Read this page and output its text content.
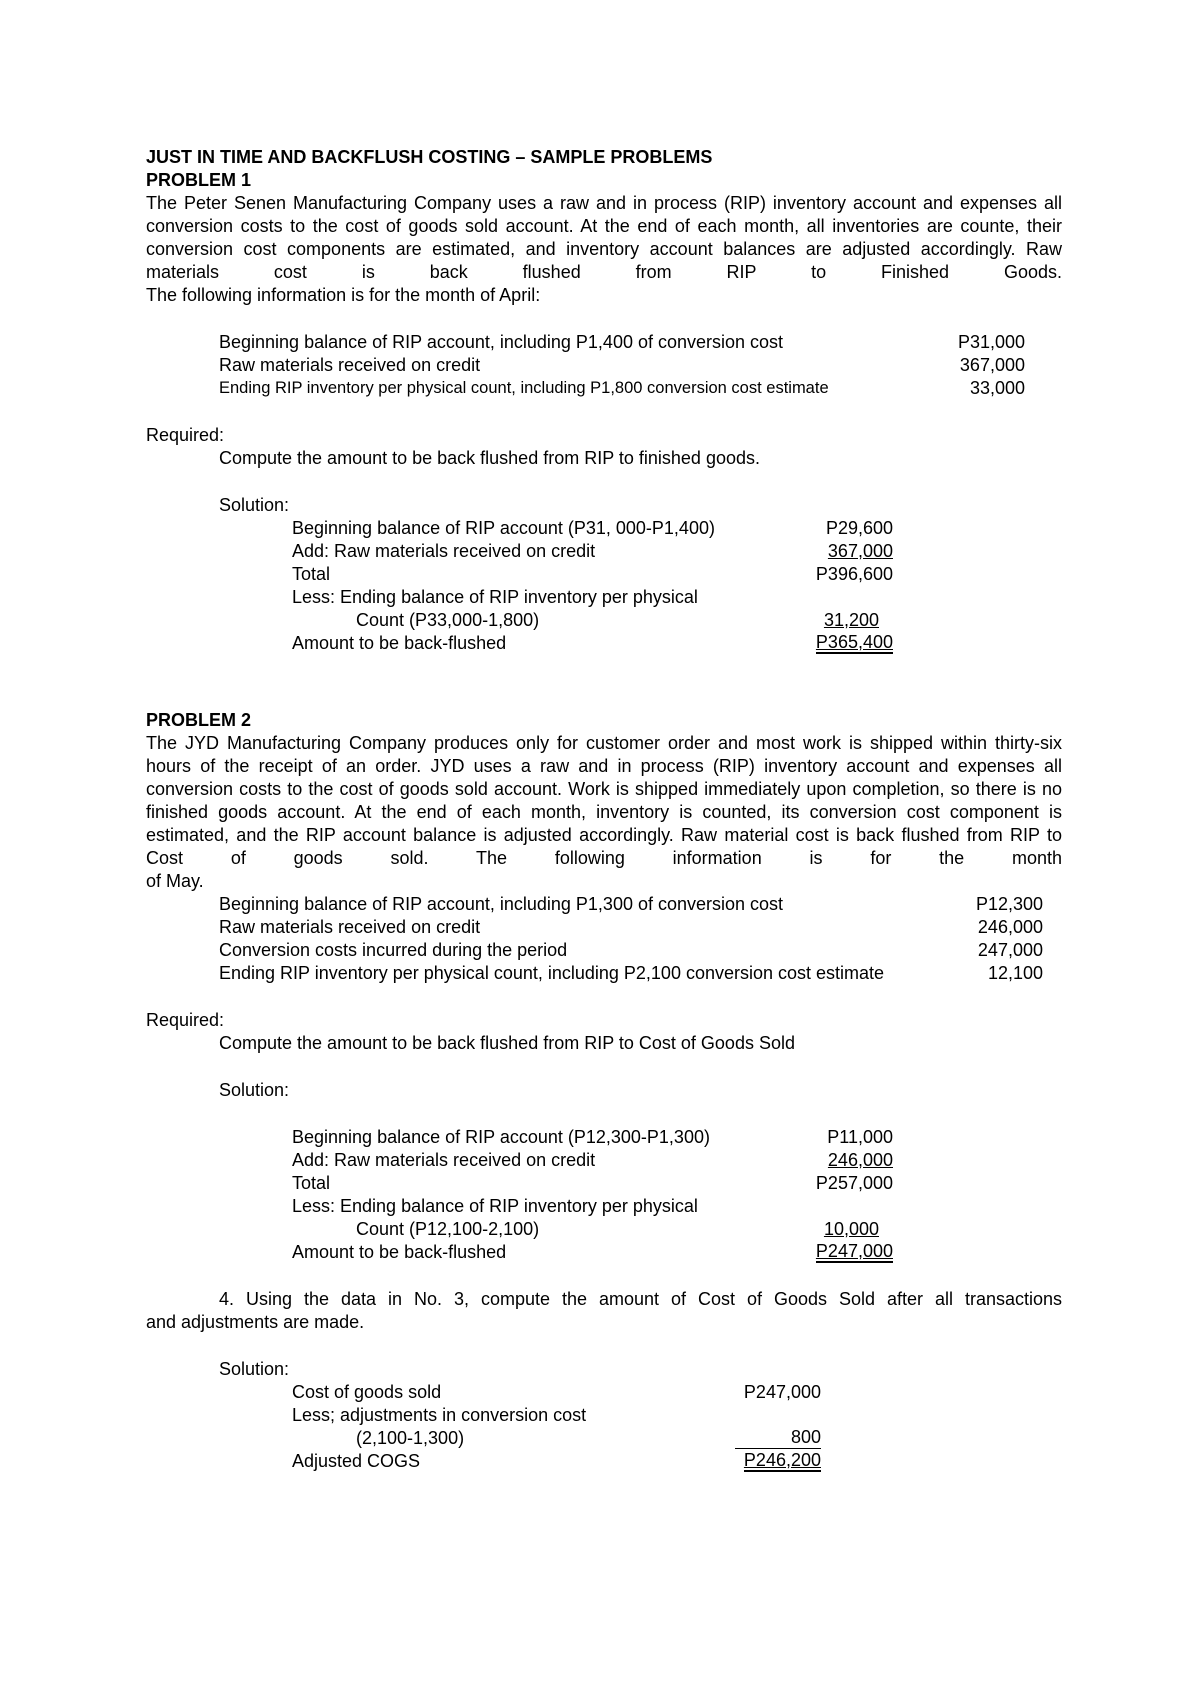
JUST IN TIME AND BACKFLUSH COSTING – SAMPLE PROBLEMS
PROBLEM 1

The Peter Senen Manufacturing Company uses a raw and in process (RIP) inventory account and expenses all conversion costs to the cost of goods sold account. At the end of each month, all inventories are counte, their conversion cost components are estimated, and inventory account balances are adjusted accordingly. Raw materials cost is back flushed from RIP to Finished Goods.

The following information is for the month of April:
Beginning balance of RIP account, including P1,400 of conversion cost	P31,000
Raw materials received on credit	367,000
Ending RIP inventory per physical count, including P1,800 conversion cost estimate	33,000
Required:
Compute the amount to be back flushed from RIP to finished goods.
Solution:
Beginning balance of RIP account (P31, 000-P1,400)	P29,600
Add: Raw materials received on credit	367,000
Total	P396,600
Less: Ending balance of RIP inventory per physical
Count (P33,000-1,800)	31,200
Amount to be back-flushed	P365,400
PROBLEM 2

The JYD Manufacturing Company produces only for customer order and most work is shipped within thirty-six hours of the receipt of an order. JYD uses a raw and in process (RIP) inventory account and expenses all conversion costs to the cost of goods sold account. Work is shipped immediately upon completion, so there is no finished goods account. At the end of each month, inventory is counted, its conversion cost component is estimated, and the RIP account balance is adjusted accordingly. Raw material cost is back flushed from RIP to Cost of goods sold. The following information is for the month

of May.
Beginning balance of RIP account, including P1,300 of conversion cost	P12,300
Raw materials received on credit	246,000
Conversion costs incurred during the period	247,000
Ending RIP inventory per physical count, including P2,100 conversion cost estimate	12,100
Required:
Compute the amount to be back flushed from RIP to Cost of Goods Sold
Solution:
Beginning balance of RIP account (P12,300-P1,300)	P11,000
Add: Raw materials received on credit	246,000
Total	P257,000
Less: Ending balance of RIP inventory per physical
Count (P12,100-2,100)	10,000
Amount to be back-flushed	P247,000
4. Using the data in No. 3, compute the amount of Cost of Goods Sold after all transactions
and adjustments are made.
Solution:
Cost of goods sold	P247,000
Less; adjustments in conversion cost
(2,100-1,300)	800
Adjusted COGS	P246,200
